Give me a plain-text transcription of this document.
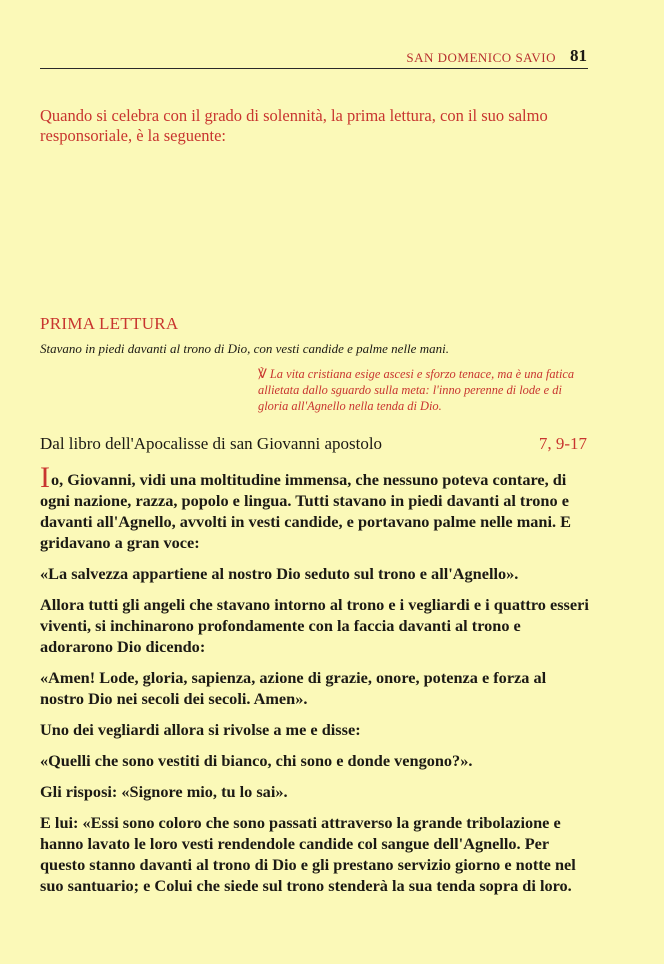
SAN DOMENICO SAVIO 81

Quando si celebra con il grado di solennità, la prima lettura, con il suo salmo responsoriale, è la seguente:

PRIMA LETTURA

Stavano in piedi davanti al trono di Dio, con vesti candide e palme nelle mani.

℣ La vita cristiana esige ascesi e sforzo tenace, ma è una fatica allietata dallo sguardo sulla meta: l'inno perenne di lode e di gloria all'Agnello nella tenda di Dio.

Dal libro dell'Apocalisse di san Giovanni apostolo	7, 9-17

Io, Giovanni, vidi una moltitudine immensa, che nessuno poteva contare, di ogni nazione, razza, popolo e lingua. Tutti stavano in piedi davanti al trono e davanti all'Agnello, avvolti in vesti candide, e portavano palme nelle mani. E gridavano a gran voce:

«La salvezza appartiene al nostro Dio seduto sul trono e all'Agnello».

Allora tutti gli angeli che stavano intorno al trono e i vegliardi e i quattro esseri viventi, si inchinarono profondamente con la faccia davanti al trono e adorarono Dio dicendo:

«Amen! Lode, gloria, sapienza, azione di grazie, onore, potenza e forza al nostro Dio nei secoli dei secoli. Amen».

Uno dei vegliardi allora si rivolse a me e disse:

«Quelli che sono vestiti di bianco, chi sono e donde vengono?».

Gli risposi: «Signore mio, tu lo sai».

E lui: «Essi sono coloro che sono passati attraverso la grande tribolazione e hanno lavato le loro vesti rendendole candide col sangue dell'Agnello. Per questo stanno davanti al trono di Dio e gli prestano servizio giorno e notte nel suo santuario; e Colui che siede sul trono stenderà la sua tenda sopra di loro.
